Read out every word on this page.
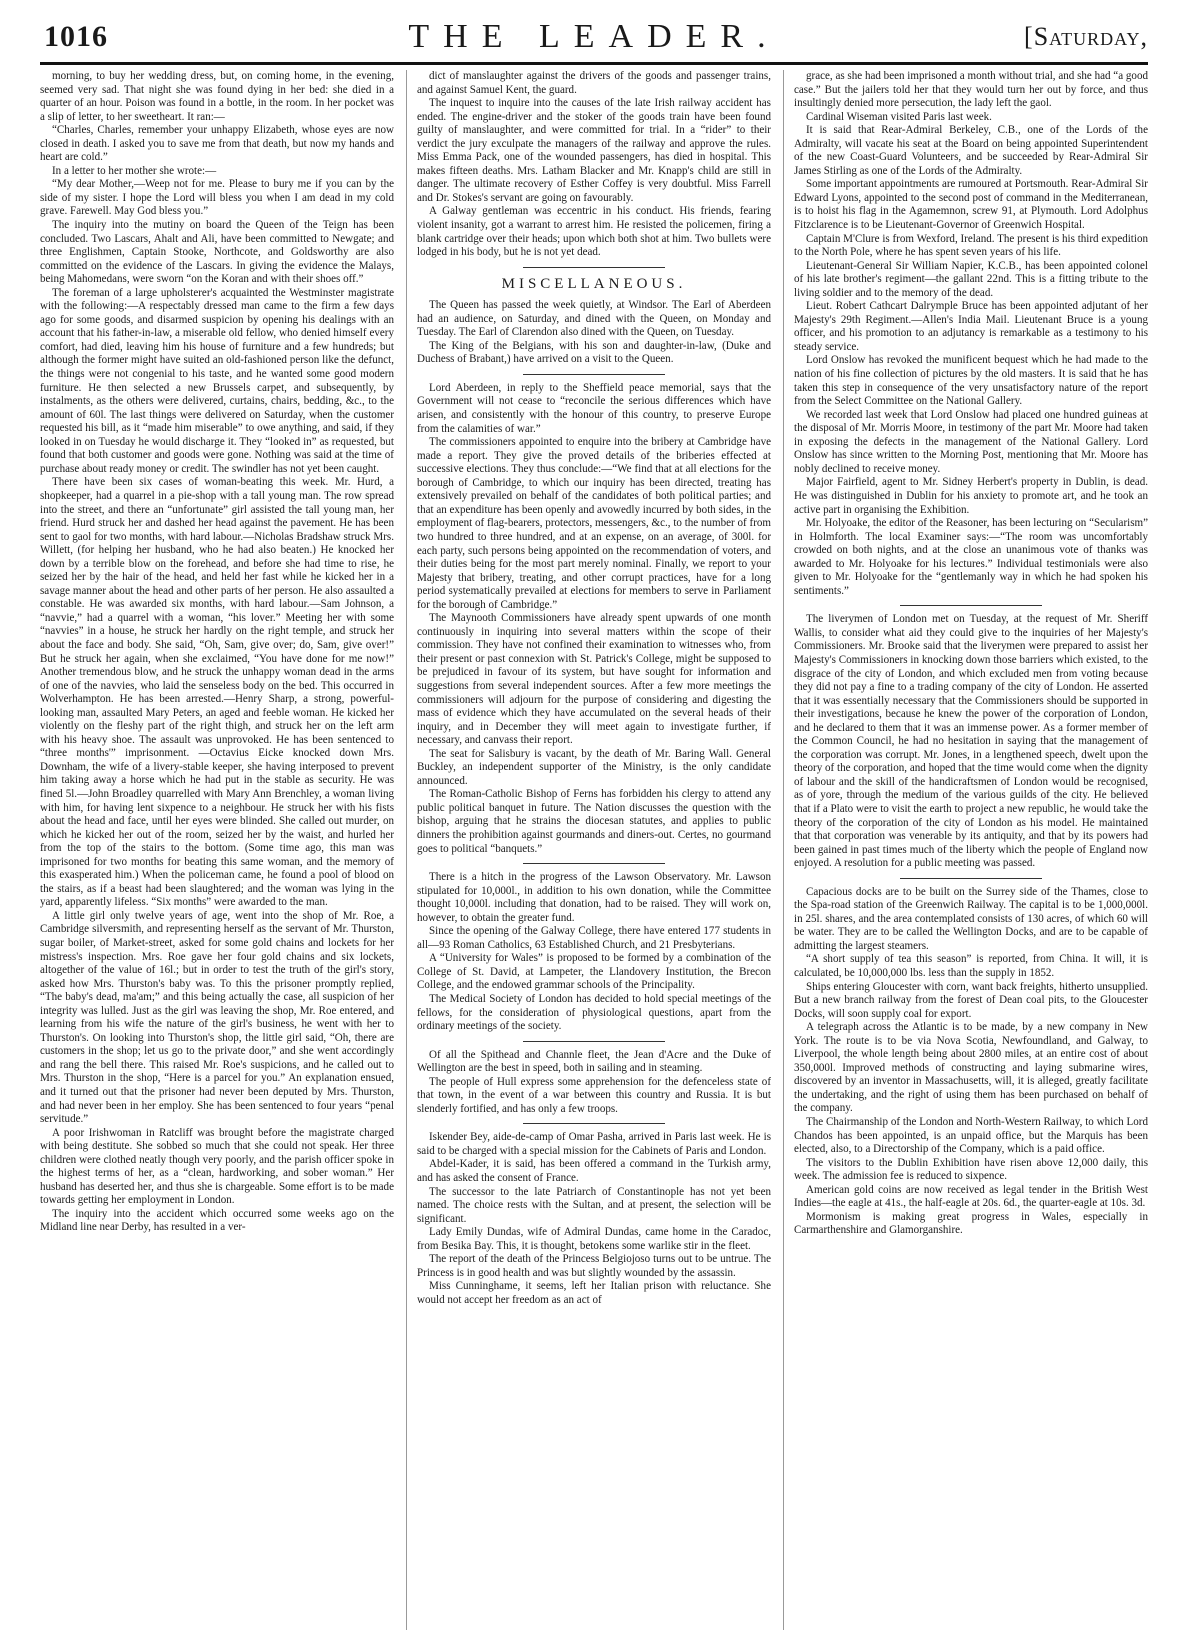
1016	THE LEADER.	[Saturday,

morning, to buy her wedding dress, but, on coming home, in the evening, seemed very sad. That night she was found dying in her bed: she died in a quarter of an hour. Poison was found in a bottle, in the room. In her pocket was a slip of letter, to her sweetheart. It ran:—

“Charles, Charles, remember your unhappy Elizabeth, whose eyes are now closed in death. I asked you to save me from that death, but now my hands and heart are cold.”

In a letter to her mother she wrote:—

“My dear Mother,—Weep not for me. Please to bury me if you can by the side of my sister. I hope the Lord will bless you when I am dead in my cold grave. Farewell. May God bless you.”

The inquiry into the mutiny on board the Queen of the Teign has been concluded. Two Lascars, Ahalt and Ali, have been committed to Newgate; and three Englishmen, Captain Stooke, Northcote, and Goldsworthy are also committed on the evidence of the Lascars. In giving the evidence the Malays, being Mahomedans, were sworn “on the Koran and with their shoes off.”

The foreman of a large upholsterer's acquainted the Westminster magistrate with the following:—A respectably dressed man came to the firm a few days ago for some goods, and disarmed suspicion by opening his dealings with an account that his father-in-law, a miserable old fellow, who denied himself every comfort, had died, leaving him his house of furniture and a few hundreds; but although the former might have suited an old-fashioned person like the defunct, the things were not congenial to his taste, and he wanted some good modern furniture. He then selected a new Brussels carpet, and subsequently, by instalments, as the others were delivered, curtains, chairs, bedding, &c., to the amount of 60l. The last things were delivered on Saturday, when the customer requested his bill, as it “made him miserable” to owe anything, and said, if they looked in on Tuesday he would discharge it. They “looked in” as requested, but found that both customer and goods were gone. Nothing was said at the time of purchase about ready money or credit. The swindler has not yet been caught.

There have been six cases of woman-beating this week. Mr. Hurd, a shopkeeper, had a quarrel in a pie-shop with a tall young man. The row spread into the street, and there an “unfortunate” girl assisted the tall young man, her friend. Hurd struck her and dashed her head against the pavement. He has been sent to gaol for two months, with hard labour.—Nicholas Bradshaw struck Mrs. Willett, (for helping her husband, who he had also beaten.) He knocked her down by a terrible blow on the forehead, and before she had time to rise, he seized her by the hair of the head, and held her fast while he kicked her in a savage manner about the head and other parts of her person. He also assaulted a constable. He was awarded six months, with hard labour.—Sam Johnson, a “navvie,” had a quarrel with a woman, “his lover.” Meeting her with some “navvies” in a house, he struck her hardly on the right temple, and struck her about the face and body. She said, “Oh, Sam, give over; do, Sam, give over!” But he struck her again, when she exclaimed, “You have done for me now!” Another tremendous blow, and he struck the unhappy woman dead in the arms of one of the navvies, who laid the senseless body on the bed. This occurred in Wolverhampton. He has been arrested.—Henry Sharp, a strong, powerful-looking man, assaulted Mary Peters, an aged and feeble woman. He kicked her violently on the fleshy part of the right thigh, and struck her on the left arm with his heavy shoe. The assault was unprovoked. He has been sentenced to “three months'” imprisonment. —Octavius Eicke knocked down Mrs. Downham, the wife of a livery-stable keeper, she having interposed to prevent him taking away a horse which he had put in the stable as security. He was fined 5l.—John Broadley quarrelled with Mary Ann Brenchley, a woman living with him, for having lent sixpence to a neighbour. He struck her with his fists about the head and face, until her eyes were blinded. She called out murder, on which he kicked her out of the room, seized her by the waist, and hurled her from the top of the stairs to the bottom. (Some time ago, this man was imprisoned for two months for beating this same woman, and the memory of this exasperated him.) When the policeman came, he found a pool of blood on the stairs, as if a beast had been slaughtered; and the woman was lying in the yard, apparently lifeless. “Six months” were awarded to the man.

A little girl only twelve years of age, went into the shop of Mr. Roe, a Cambridge silversmith, and representing herself as the servant of Mr. Thurston, sugar boiler, of Market-street, asked for some gold chains and lockets for her mistress's inspection. Mrs. Roe gave her four gold chains and six lockets, altogether of the value of 16l.; but in order to test the truth of the girl's story, asked how Mrs. Thurston's baby was. To this the prisoner promptly replied, “The baby's dead, ma'am;” and this being actually the case, all suspicion of her integrity was lulled. Just as the girl was leaving the shop, Mr. Roe entered, and learning from his wife the nature of the girl's business, he went with her to Thurston's. On looking into Thurston's shop, the little girl said, “Oh, there are customers in the shop; let us go to the private door,” and she went accordingly and rang the bell there. This raised Mr. Roe's suspicions, and he called out to Mrs. Thurston in the shop, “Here is a parcel for you.” An explanation ensued, and it turned out that the prisoner had never been deputed by Mrs. Thurston, and had never been in her employ. She has been sentenced to four years “penal servitude.”

A poor Irishwoman in Ratcliff was brought before the magistrate charged with being destitute. She sobbed so much that she could not speak. Her three children were clothed neatly though very poorly, and the parish officer spoke in the highest terms of her, as a “clean, hardworking, and sober woman.” Her husband has deserted her, and thus she is chargeable. Some effort is to be made towards getting her employment in London.

The inquiry into the accident which occurred some weeks ago on the Midland line near Derby, has resulted in a ver-

dict of manslaughter against the drivers of the goods and passenger trains, and against Samuel Kent, the guard.

The inquest to inquire into the causes of the late Irish railway accident has ended. The engine-driver and the stoker of the goods train have been found guilty of manslaughter, and were committed for trial. In a “rider” to their verdict the jury exculpate the managers of the railway and approve the rules. Miss Emma Pack, one of the wounded passengers, has died in hospital. This makes fifteen deaths. Mrs. Latham Blacker and Mr. Knapp's child are still in danger. The ultimate recovery of Esther Coffey is very doubtful. Miss Farrell and Dr. Stokes's servant are going on favourably.

A Galway gentleman was eccentric in his conduct. His friends, fearing violent insanity, got a warrant to arrest him. He resisted the policemen, firing a blank cartridge over their heads; upon which both shot at him. Two bullets were lodged in his body, but he is not yet dead.

MISCELLANEOUS.

The Queen has passed the week quietly, at Windsor. The Earl of Aberdeen had an audience, on Saturday, and dined with the Queen, on Monday and Tuesday. The Earl of Clarendon also dined with the Queen, on Tuesday.

The King of the Belgians, with his son and daughter-in-law, (Duke and Duchess of Brabant,) have arrived on a visit to the Queen.

Lord Aberdeen, in reply to the Sheffield peace memorial, says that the Government will not cease to “reconcile the serious differences which have arisen, and consistently with the honour of this country, to preserve Europe from the calamities of war.”

The commissioners appointed to enquire into the bribery at Cambridge have made a report. They give the proved details of the briberies effected at successive elections. They thus conclude:—“We find that at all elections for the borough of Cambridge, to which our inquiry has been directed, treating has extensively prevailed on behalf of the candidates of both political parties; and that an expenditure has been openly and avowedly incurred by both sides, in the employment of flag-bearers, protectors, messengers, &c., to the number of from two hundred to three hundred, and at an expense, on an average, of 300l. for each party, such persons being appointed on the recommendation of voters, and their duties being for the most part merely nominal. Finally, we report to your Majesty that bribery, treating, and other corrupt practices, have for a long period systematically prevailed at elections for members to serve in Parliament for the borough of Cambridge.”

The Maynooth Commissioners have already spent upwards of one month continuously in inquiring into several matters within the scope of their commission. They have not confined their examination to witnesses who, from their present or past connexion with St. Patrick's College, might be supposed to be prejudiced in favour of its system, but have sought for information and suggestions from several independent sources. After a few more meetings the commissioners will adjourn for the purpose of considering and digesting the mass of evidence which they have accumulated on the several heads of their inquiry, and in December they will meet again to investigate further, if necessary, and canvass their report.

The seat for Salisbury is vacant, by the death of Mr. Baring Wall. General Buckley, an independent supporter of the Ministry, is the only candidate announced.

The Roman-Catholic Bishop of Ferns has forbidden his clergy to attend any public political banquet in future. The Nation discusses the question with the bishop, arguing that he strains the diocesan statutes, and applies to public dinners the prohibition against gourmands and diners-out. Certes, no gourmand goes to political “banquets.”

There is a hitch in the progress of the Lawson Observatory. Mr. Lawson stipulated for 10,000l., in addition to his own donation, while the Committee thought 10,000l. including that donation, had to be raised. They will work on, however, to obtain the greater fund.

Since the opening of the Galway College, there have entered 177 students in all—93 Roman Catholics, 63 Established Church, and 21 Presbyterians.

A “University for Wales” is proposed to be formed by a combination of the College of St. David, at Lampeter, the Llandovery Institution, the Brecon College, and the endowed grammar schools of the Principality.

The Medical Society of London has decided to hold special meetings of the fellows, for the consideration of physiological questions, apart from the ordinary meetings of the society.

Of all the Spithead and Channle fleet, the Jean d'Acre and the Duke of Wellington are the best in speed, both in sailing and in steaming.

The people of Hull express some apprehension for the defenceless state of that town, in the event of a war between this country and Russia. It is but slenderly fortified, and has only a few troops.

Iskender Bey, aide-de-camp of Omar Pasha, arrived in Paris last week. He is said to be charged with a special mission for the Cabinets of Paris and London.

Abdel-Kader, it is said, has been offered a command in the Turkish army, and has asked the consent of France.

The successor to the late Patriarch of Constantinople has not yet been named. The choice rests with the Sultan, and at present, the selection will be significant.

Lady Emily Dundas, wife of Admiral Dundas, came home in the Caradoc, from Besika Bay. This, it is thought, betokens some warlike stir in the fleet.

The report of the death of the Princess Belgiojoso turns out to be untrue. The Princess is in good health and was but slightly wounded by the assassin.

Miss Cunninghame, it seems, left her Italian prison with reluctance. She would not accept her freedom as an act of

grace, as she had been imprisoned a month without trial, and she had “a good case.” But the jailers told her that they would turn her out by force, and thus insultingly denied more persecution, the lady left the gaol.

Cardinal Wiseman visited Paris last week.

It is said that Rear-Admiral Berkeley, C.B., one of the Lords of the Admiralty, will vacate his seat at the Board on being appointed Superintendent of the new Coast-Guard Volunteers, and be succeeded by Rear-Admiral Sir James Stirling as one of the Lords of the Admiralty.

Some important appointments are rumoured at Portsmouth. Rear-Admiral Sir Edward Lyons, appointed to the second post of command in the Mediterranean, is to hoist his flag in the Agamemnon, screw 91, at Plymouth. Lord Adolphus Fitzclarence is to be Lieutenant-Governor of Greenwich Hospital.

Captain M'Clure is from Wexford, Ireland. The present is his third expedition to the North Pole, where he has spent seven years of his life.

Lieutenant-General Sir William Napier, K.C.B., has been appointed colonel of his late brother's regiment—the gallant 22nd. This is a fitting tribute to the living soldier and to the memory of the dead.

Lieut. Robert Cathcart Dalrymple Bruce has been appointed adjutant of her Majesty's 29th Regiment.—Allen's India Mail. Lieutenant Bruce is a young officer, and his promotion to an adjutancy is remarkable as a testimony to his steady service.

Lord Onslow has revoked the munificent bequest which he had made to the nation of his fine collection of pictures by the old masters. It is said that he has taken this step in consequence of the very unsatisfactory nature of the report from the Select Committee on the National Gallery.

We recorded last week that Lord Onslow had placed one hundred guineas at the disposal of Mr. Morris Moore, in testimony of the part Mr. Moore had taken in exposing the defects in the management of the National Gallery. Lord Onslow has since written to the Morning Post, mentioning that Mr. Moore has nobly declined to receive money.

Major Fairfield, agent to Mr. Sidney Herbert's property in Dublin, is dead. He was distinguished in Dublin for his anxiety to promote art, and he took an active part in organising the Exhibition.

Mr. Holyoake, the editor of the Reasoner, has been lecturing on “Secularism” in Holmforth. The local Examiner says:—“The room was uncomfortably crowded on both nights, and at the close an unanimous vote of thanks was awarded to Mr. Holyoake for his lectures.” Individual testimonials were also given to Mr. Holyoake for the “gentlemanly way in which he had spoken his sentiments.”

The liverymen of London met on Tuesday, at the request of Mr. Sheriff Wallis, to consider what aid they could give to the inquiries of her Majesty's Commissioners. Mr. Brooke said that the liverymen were prepared to assist her Majesty's Commissioners in knocking down those barriers which existed, to the disgrace of the city of London, and which excluded men from voting because they did not pay a fine to a trading company of the city of London. He asserted that it was essentially necessary that the Commissioners should be supported in their investigations, because he knew the power of the corporation of London, and he declared to them that it was an immense power. As a former member of the Common Council, he had no hesitation in saying that the management of the corporation was corrupt. Mr. Jones, in a lengthened speech, dwelt upon the theory of the corporation, and hoped that the time would come when the dignity of labour and the skill of the handicraftsmen of London would be recognised, as of yore, through the medium of the various guilds of the city. He believed that if a Plato were to visit the earth to project a new republic, he would take the theory of the corporation of the city of London as his model. He maintained that that corporation was venerable by its antiquity, and that by its powers had been gained in past times much of the liberty which the people of England now enjoyed. A resolution for a public meeting was passed.

Capacious docks are to be built on the Surrey side of the Thames, close to the Spa-road station of the Greenwich Railway. The capital is to be 1,000,000l. in 25l. shares, and the area contemplated consists of 130 acres, of which 60 will be water. They are to be called the Wellington Docks, and are to be capable of admitting the largest steamers.

“A short supply of tea this season” is reported, from China. It will, it is calculated, be 10,000,000 lbs. less than the supply in 1852.

Ships entering Gloucester with corn, want back freights, hitherto unsupplied. But a new branch railway from the forest of Dean coal pits, to the Gloucester Docks, will soon supply coal for export.

A telegraph across the Atlantic is to be made, by a new company in New York. The route is to be via Nova Scotia, Newfoundland, and Galway, to Liverpool, the whole length being about 2800 miles, at an entire cost of about 350,000l. Improved methods of constructing and laying submarine wires, discovered by an inventor in Massachusetts, will, it is alleged, greatly facilitate the undertaking, and the right of using them has been purchased on behalf of the company.

The Chairmanship of the London and North-Western Railway, to which Lord Chandos has been appointed, is an unpaid office, but the Marquis has been elected, also, to a Directorship of the Company, which is a paid office.

The visitors to the Dublin Exhibition have risen above 12,000 daily, this week. The admission fee is reduced to sixpence.

American gold coins are now received as legal tender in the British West Indies—the eagle at 41s., the half-eagle at 20s. 6d., the quarter-eagle at 10s. 3d.

Mormonism is making great progress in Wales, especially in Carmarthenshire and Glamorganshire.
